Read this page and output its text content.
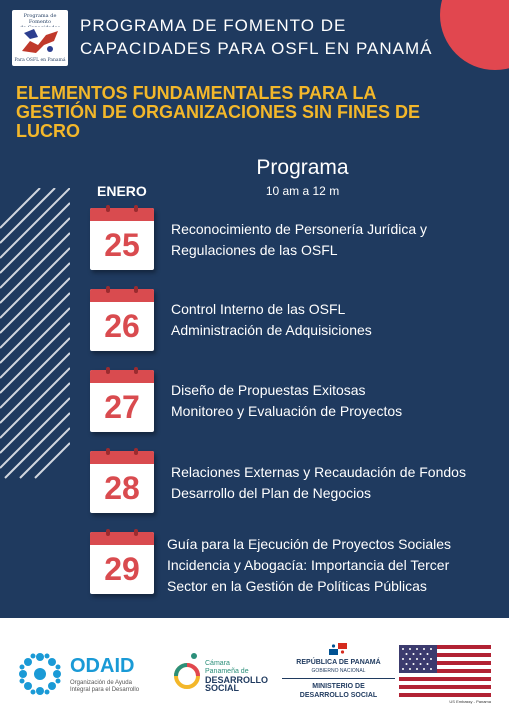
Programa de Fomento
Para OSFL en Panamá
PROGRAMA DE FOMENTO DE
CAPACIDADES PARA OSFL EN PANAMÁ
ELEMENTOS FUNDAMENTALES PARA LA
GESTIÓN DE ORGANIZACIONES SIN FINES DE
LUCRO
Programa
10 am a 12 m
ENERO
25	Reconocimiento de Personería Jurídica y
Regulaciones de las OSFL
26	Control Interno de las OSFL
Administración de Adquisiciones
27	Diseño de Propuestas Exitosas
Monitoreo y Evaluación de Proyectos
28	Relaciones Externas y Recaudación de Fondos
Desarrollo del Plan de Negocios
29
Guía para la Ejecución de Proyectos Sociales
Incidencia y Abogacía: Importancia del Tercer
Sector en la Gestión de Políticas Públicas
ODAID
Organización de Ayuda
Integral para el Desarrollo
Cámara
Panameña de
DESARROLLO
SOCIAL
REPÚBLICA DE PANAMÁ
GOBIERNO NACIONAL
MINISTERIO DE
DESARROLLO SOCIAL
US Embassy - Panama
